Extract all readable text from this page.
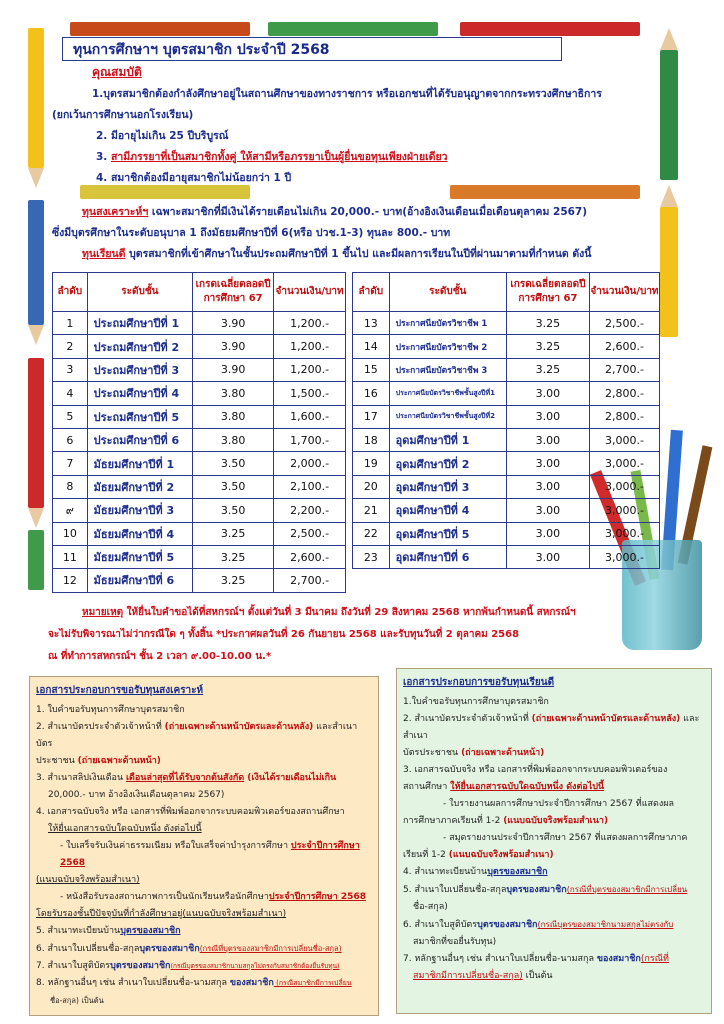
ทุนการศึกษาฯ บุตรสมาชิก ประจำปี 2568
คุณสมบัติ
1.บุตรสมาชิกต้องกำลังศึกษาอยู่ในสถานศึกษาของทางราชการ หรือเอกชนที่ได้รับอนุญาตจากกระทรวงศึกษาธิการ
(ยกเว้นการศึกษานอกโรงเรียน)
2. มีอายุไม่เกิน 25 ปีบริบูรณ์
3. สามีภรรยาที่เป็นสมาชิกทั้งคู่ ให้สามีหรือภรรยาเป็นผู้ยื่นขอทุนเพียงฝ่ายเดียว
4. สมาชิกต้องมีอายุสมาชิกไม่น้อยกว่า 1 ปี
ทุนสงเคราะห์ฯ เฉพาะสมาชิกที่มีเงินได้รายเดือนไม่เกิน 20,000.- บาท(อ้างอิงเงินเดือนเมื่อเดือนตุลาคม 2567)
ซึ่งมีบุตรศึกษาในระดับอนุบาล 1 ถึงมัธยมศึกษาปีที่ 6(หรือ ปวช.1-3) ทุนละ 800.- บาท
ทุนเรียนดี บุตรสมาชิกที่เข้าศึกษาในชั้นประถมศึกษาปีที่ 1 ขึ้นไป และมีผลการเรียนในปีที่ผ่านมาตามที่กำหนด ดังนี้
ลำดับ	ระดับชั้น	เกรดเฉลี่ยตลอดปีการศึกษา 67	จำนวนเงิน/บาท
1	ประถมศึกษาปีที่ 1	3.90	1,200.-
2	ประถมศึกษาปีที่ 2	3.90	1,200.-
3	ประถมศึกษาปีที่ 3	3.90	1,200.-
4	ประถมศึกษาปีที่ 4	3.80	1,500.-
5	ประถมศึกษาปีที่ 5	3.80	1,600.-
6	ประถมศึกษาปีที่ 6	3.80	1,700.-
7	มัธยมศึกษาปีที่ 1	3.50	2,000.-
8	มัธยมศึกษาปีที่ 2	3.50	2,100.-
๙	มัธยมศึกษาปีที่ 3	3.50	2,200.-
10	มัธยมศึกษาปีที่ 4	3.25	2,500.-
11	มัธยมศึกษาปีที่ 5	3.25	2,600.-
12	มัธยมศึกษาปีที่ 6	3.25	2,700.-
ลำดับ	ระดับชั้น	เกรดเฉลี่ยตลอดปีการศึกษา 67	จำนวนเงิน/บาท
13	ประกาศนียบัตรวิชาชีพ 1	3.25	2,500.-
14	ประกาศนียบัตรวิชาชีพ 2	3.25	2,600.-
15	ประกาศนียบัตรวิชาชีพ 3	3.25	2,700.-
16	ประกาศนียบัตรวิชาชีพชั้นสูงปีที่1	3.00	2,800.-
17	ประกาศนียบัตรวิชาชีพชั้นสูงปีที่2	3.00	2,800.-
18	อุดมศึกษาปีที่ 1	3.00	3,000.-
19	อุดมศึกษาปีที่ 2	3.00	3,000.-
20	อุดมศึกษาปีที่ 3	3.00	3,000.-
21	อุดมศึกษาปีที่ 4	3.00	3,000.-
22	อุดมศึกษาปีที่ 5	3.00	3,000.-
23	อุดมศึกษาปีที่ 6	3.00	3,000.-
หมายเหตุ ให้ยื่นใบคำขอได้ที่สหกรณ์ฯ ตั้งแต่วันที่ 3 มีนาคม ถึงวันที่ 29 สิงหาคม 2568 หากพ้นกำหนดนี้ สหกรณ์ฯ
จะไม่รับพิจารณาไม่ว่ากรณีใด ๆ ทั้งสิ้น *ประกาศผลวันที่ 26 กันยายน 2568 และรับทุนวันที่ 2 ตุลาคม 2568
ณ ที่ทำการสหกรณ์ฯ ชั้น 2 เวลา ๙.00-10.00 น.*
เอกสารประกอบการขอรับทุนสงเคราะห์
1. ใบคำขอรับทุนการศึกษาบุตรสมาชิก
2. สำเนาบัตรประจำตัวเจ้าหน้าที่ (ถ่ายเฉพาะด้านหน้าบัตรและด้านหลัง) และสำเนาบัตร
ประชาชน (ถ่ายเฉพาะด้านหน้า)
3. สำเนาสลิปเงินเดือน เดือนล่าสุดที่ได้รับจากต้นสังกัด (เงินได้รายเดือนไม่เกิน
20,000.- บาท อ้างอิงเงินเดือนตุลาคม 2567)
4. เอกสารฉบับจริง หรือ เอกสารที่พิมพ์ออกจากระบบคอมพิวเตอร์ของสถานศึกษา
ให้ยื่นเอกสารฉบับใดฉบับหนึ่ง ดังต่อไปนี้
- ใบเสร็จรับเงินค่าธรรมเนียม หรือใบเสร็จค่าบำรุงการศึกษา ประจำปีการศึกษา 2568
(แนบฉบับจริงพร้อมสำเนา)
- หนังสือรับรองสถานภาพการเป็นนักเรียนหรือนักศึกษาประจำปีการศึกษา 2568
โดยรับรองชั้นปีปัจจุบันที่กำลังศึกษาอยู่(แนบฉบับจริงพร้อมสำเนา)
5. สำเนาทะเบียนบ้านบุตรของสมาชิก
6. สำเนาใบเปลี่ยนชื่อ-สกุลบุตรของสมาชิก(กรณีที่บุตรของสมาชิกมีการเปลี่ยนชื่อ-สกุล)
7. สำเนาใบสูติบัตรบุตรของสมาชิก(กรณีบุตรของสมาชิกนามสกุลไม่ตรงกับสมาชิกต้องยื่นรับทุน)
8. หลักฐานอื่นๆ เช่น สำเนาใบเปลี่ยนชื่อ-นามสกุล ของสมาชิก (กรณีสมาชิกมีการเปลี่ยน
ชื่อ-สกุล) เป็นต้น
เอกสารประกอบการขอรับทุนเรียนดี
1.ใบคำขอรับทุนการศึกษาบุตรสมาชิก
2. สำเนาบัตรประจำตัวเจ้าหน้าที่ (ถ่ายเฉพาะด้านหน้าบัตรและด้านหลัง) และสำเนา
บัตรประชาชน (ถ่ายเฉพาะด้านหน้า)
3. เอกสารฉบับจริง หรือ เอกสารที่พิมพ์ออกจากระบบคอมพิวเตอร์ของ
สถานศึกษา ให้ยื่นเอกสารฉบับใดฉบับหนึ่ง ดังต่อไปนี้
- ใบรายงานผลการศึกษาประจำปีการศึกษา 2567 ที่แสดงผล
การศึกษาภาคเรียนที่ 1-2 (แนบฉบับจริงพร้อมสำเนา)
- สมุดรายงานประจำปีการศึกษา 2567 ที่แสดงผลการศึกษาภาค
เรียนที่ 1-2 (แนบฉบับจริงพร้อมสำเนา)
4. สำเนาทะเบียนบ้านบุตรของสมาชิก
5. สำเนาใบเปลี่ยนชื่อ-สกุลบุตรของสมาชิก(กรณีที่บุตรของสมาชิกมีการเปลี่ยน
ชื่อ-สกุล)
6. สำเนาใบสูติบัตรบุตรของสมาชิก(กรณีบุตรของสมาชิกนามสกุลไม่ตรงกับ
สมาชิกที่ขอยื่นรับทุน)
7. หลักฐานอื่นๆ เช่น สำเนาใบเปลี่ยนชื่อ-นามสกุล ของสมาชิก(กรณีที่
สมาชิกมีการเปลี่ยนชื่อ-สกุล) เป็นต้น
